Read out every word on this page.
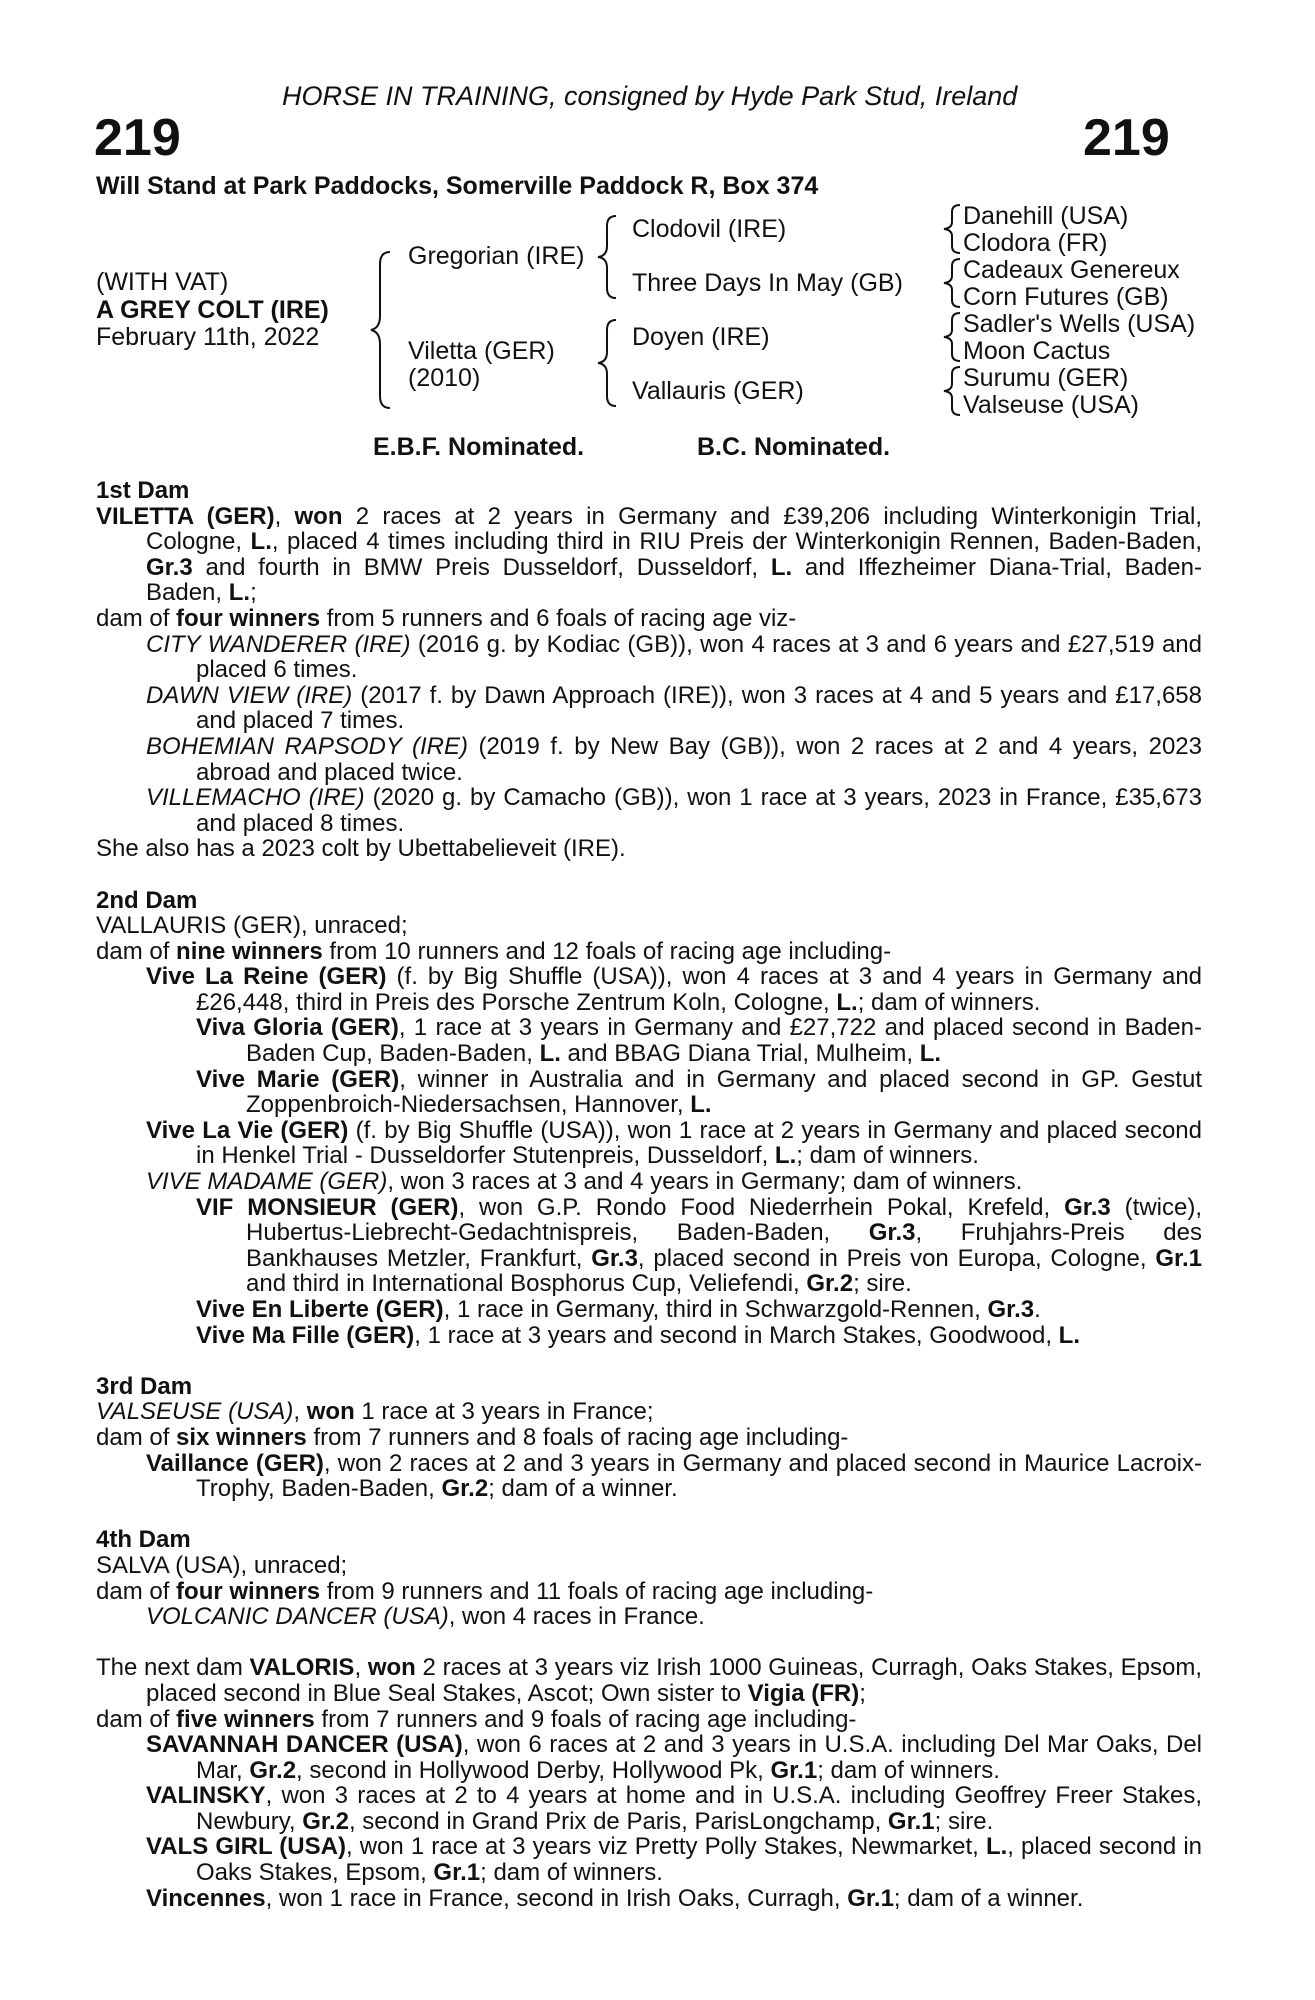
HORSE IN TRAINING, consigned by Hyde Park Stud, Ireland
219	219
Will Stand at Park Paddocks, Somerville Paddock R, Box 374
(WITH VAT)
A GREY COLT (IRE)
February 11th, 2022
Gregorian (IRE)
Viletta (GER)
(2010)
Clodovil (IRE)
Three Days In May (GB)
Doyen (IRE)
Vallauris (GER)
Danehill (USA)
Clodora (FR)
Cadeaux Genereux
Corn Futures (GB)
Sadler's Wells (USA)
Moon Cactus
Surumu (GER)
Valseuse (USA)
E.B.F. Nominated.	B.C. Nominated.
1st Dam
VILETTA (GER), won 2 races at 2 years in Germany and £39,206 including Winterkonigin Trial, Cologne, L., placed 4 times including third in RIU Preis der Winterkonigin Rennen, Baden-Baden, Gr.3 and fourth in BMW Preis Dusseldorf, Dusseldorf, L. and Iffezheimer Diana-Trial, Baden-Baden, L.;
dam of four winners from 5 runners and 6 foals of racing age viz-
CITY WANDERER (IRE) (2016 g. by Kodiac (GB)), won 4 races at 3 and 6 years and £27,519 and placed 6 times.
DAWN VIEW (IRE) (2017 f. by Dawn Approach (IRE)), won 3 races at 4 and 5 years and £17,658 and placed 7 times.
BOHEMIAN RAPSODY (IRE) (2019 f. by New Bay (GB)), won 2 races at 2 and 4 years, 2023 abroad and placed twice.
VILLEMACHO (IRE) (2020 g. by Camacho (GB)), won 1 race at 3 years, 2023 in France, £35,673 and placed 8 times.
She also has a 2023 colt by Ubettabelieveit (IRE).
2nd Dam
VALLAURIS (GER), unraced;
dam of nine winners from 10 runners and 12 foals of racing age including-
Vive La Reine (GER) (f. by Big Shuffle (USA)), won 4 races at 3 and 4 years in Germany and £26,448, third in Preis des Porsche Zentrum Koln, Cologne, L.; dam of winners.
Viva Gloria (GER), 1 race at 3 years in Germany and £27,722 and placed second in Baden-Baden Cup, Baden-Baden, L. and BBAG Diana Trial, Mulheim, L.
Vive Marie (GER), winner in Australia and in Germany and placed second in GP. Gestut Zoppenbroich-Niedersachsen, Hannover, L.
Vive La Vie (GER) (f. by Big Shuffle (USA)), won 1 race at 2 years in Germany and placed second in Henkel Trial - Dusseldorfer Stutenpreis, Dusseldorf, L.; dam of winners.
VIVE MADAME (GER), won 3 races at 3 and 4 years in Germany; dam of winners.
VIF MONSIEUR (GER), won G.P. Rondo Food Niederrhein Pokal, Krefeld, Gr.3 (twice), Hubertus-Liebrecht-Gedachtnispreis, Baden-Baden, Gr.3, Fruhjahrs-Preis des Bankhauses Metzler, Frankfurt, Gr.3, placed second in Preis von Europa, Cologne, Gr.1 and third in International Bosphorus Cup, Veliefendi, Gr.2; sire.
Vive En Liberte (GER), 1 race in Germany, third in Schwarzgold-Rennen, Gr.3.
Vive Ma Fille (GER), 1 race at 3 years and second in March Stakes, Goodwood, L.
3rd Dam
VALSEUSE (USA), won 1 race at 3 years in France;
dam of six winners from 7 runners and 8 foals of racing age including-
Vaillance (GER), won 2 races at 2 and 3 years in Germany and placed second in Maurice Lacroix-Trophy, Baden-Baden, Gr.2; dam of a winner.
4th Dam
SALVA (USA), unraced;
dam of four winners from 9 runners and 11 foals of racing age including-
VOLCANIC DANCER (USA), won 4 races in France.
The next dam VALORIS, won 2 races at 3 years viz Irish 1000 Guineas, Curragh, Oaks Stakes, Epsom, placed second in Blue Seal Stakes, Ascot; Own sister to Vigia (FR);
dam of five winners from 7 runners and 9 foals of racing age including-
SAVANNAH DANCER (USA), won 6 races at 2 and 3 years in U.S.A. including Del Mar Oaks, Del Mar, Gr.2, second in Hollywood Derby, Hollywood Pk, Gr.1; dam of winners.
VALINSKY, won 3 races at 2 to 4 years at home and in U.S.A. including Geoffrey Freer Stakes, Newbury, Gr.2, second in Grand Prix de Paris, ParisLongchamp, Gr.1; sire.
VALS GIRL (USA), won 1 race at 3 years viz Pretty Polly Stakes, Newmarket, L., placed second in Oaks Stakes, Epsom, Gr.1; dam of winners.
Vincennes, won 1 race in France, second in Irish Oaks, Curragh, Gr.1; dam of a winner.
